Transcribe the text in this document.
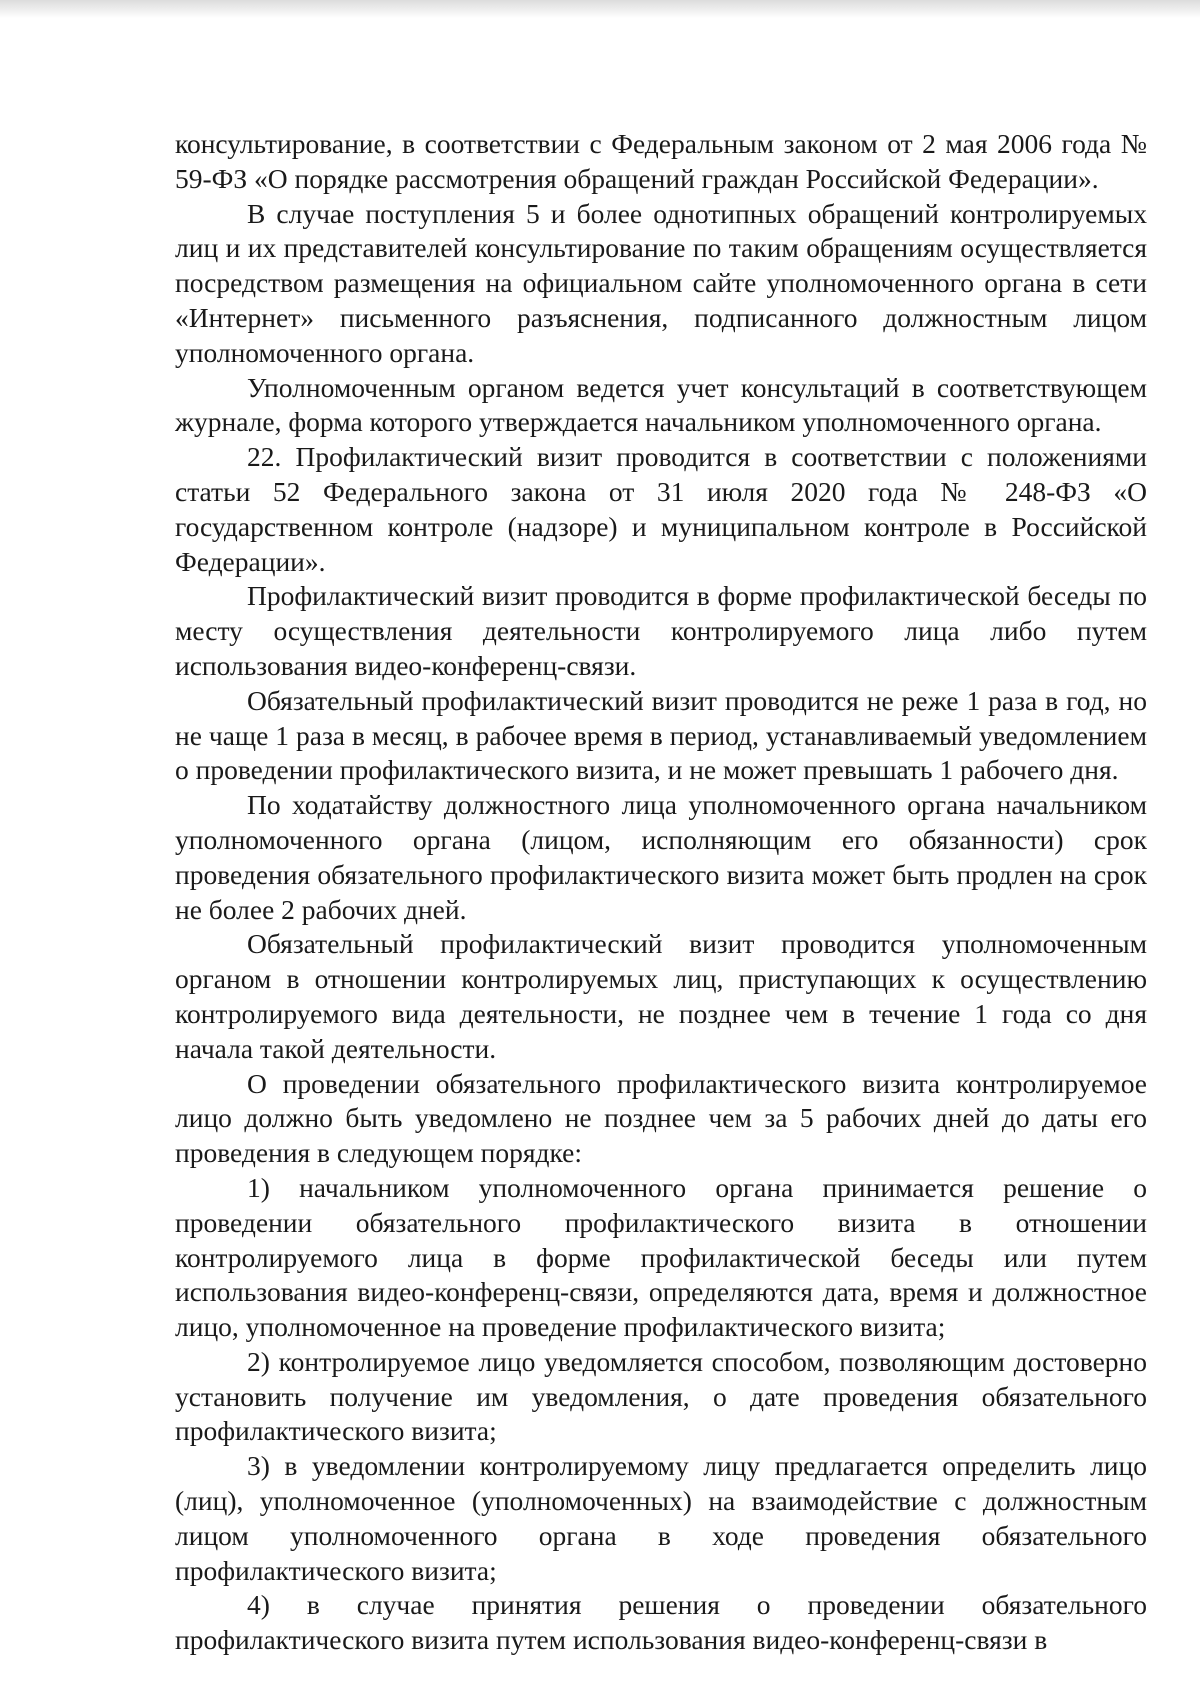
консультирование, в соответствии с Федеральным законом от 2 мая 2006 года № 59-ФЗ «О порядке рассмотрения обращений граждан Российской Федерации».

В случае поступления 5 и более однотипных обращений контролируемых лиц и их представителей консультирование по таким обращениям осуществляется посредством размещения на официальном сайте уполномоченного органа в сети «Интернет» письменного разъяснения, подписанного должностным лицом уполномоченного органа.

Уполномоченным органом ведется учет консультаций в соответствующем журнале, форма которого утверждается начальником уполномоченного органа.

22. Профилактический визит проводится в соответствии с положениями статьи 52 Федерального закона от 31 июля 2020 года № 248-ФЗ «О государственном контроле (надзоре) и муниципальном контроле в Российской Федерации».

Профилактический визит проводится в форме профилактической беседы по месту осуществления деятельности контролируемого лица либо путем использования видео-конференц-связи.

Обязательный профилактический визит проводится не реже 1 раза в год, но не чаще 1 раза в месяц, в рабочее время в период, устанавливаемый уведомлением о проведении профилактического визита, и не может превышать 1 рабочего дня.

По ходатайству должностного лица уполномоченного органа начальником уполномоченного органа (лицом, исполняющим его обязанности) срок проведения обязательного профилактического визита может быть продлен на срок не более 2 рабочих дней.

Обязательный профилактический визит проводится уполномоченным органом в отношении контролируемых лиц, приступающих к осуществлению контролируемого вида деятельности, не позднее чем в течение 1 года со дня начала такой деятельности.

О проведении обязательного профилактического визита контролируемое лицо должно быть уведомлено не позднее чем за 5 рабочих дней до даты его проведения в следующем порядке:

1) начальником уполномоченного органа принимается решение о проведении обязательного профилактического визита в отношении контролируемого лица в форме профилактической беседы или путем использования видео-конференц-связи, определяются дата, время и должностное лицо, уполномоченное на проведение профилактического визита;

2) контролируемое лицо уведомляется способом, позволяющим достоверно установить получение им уведомления, о дате проведения обязательного профилактического визита;

3) в уведомлении контролируемому лицу предлагается определить лицо (лиц), уполномоченное (уполномоченных) на взаимодействие с должностным лицом уполномоченного органа в ходе проведения обязательного профилактического визита;

4) в случае принятия решения о проведении обязательного профилактического визита путем использования видео-конференц-связи в
